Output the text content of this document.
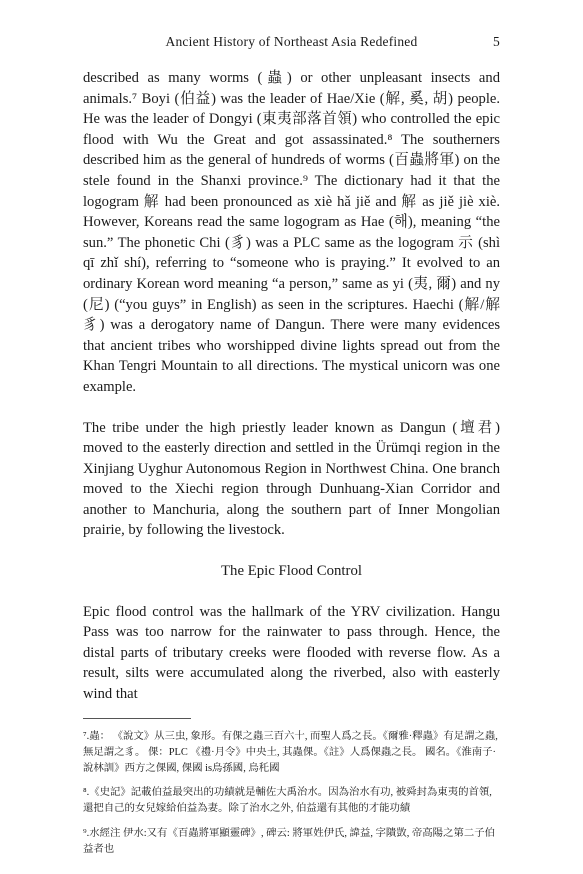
Ancient History of Northeast Asia Redefined	5

described as many worms (蟲) or other unpleasant insects and animals.⁷ Boyi (伯益) was the leader of Hae/Xie (解, 奚, 胡) people. He was the leader of Dongyi (東夷部落首領) who controlled the epic flood with Wu the Great and got assassinated.⁸ The southerners described him as the general of hundreds of worms (百蟲將軍) on the stele found in the Shanxi province.⁹ The dictionary had it that the logogram 解 had been pronounced as xiè hǎ jiě and 解 as jiě jiè xiè. However, Koreans read the same logogram as Hae (해), meaning “the sun.” The phonetic Chi (豸) was a PLC same as the logogram 示 (shì qī zhǐ shí), referring to “someone who is praying.” It evolved to an ordinary Korean word meaning “a person,” same as yi (夷, 爾) and ny (尼) (“you guys” in English) as seen in the scriptures. Haechi (解/解豸) was a derogatory name of Dangun. There were many evidences that ancient tribes who worshipped divine lights spread out from the Khan Tengri Mountain to all directions. The mystical unicorn was one example.

The tribe under the high priestly leader known as Dangun (壇君) moved to the easterly direction and settled in the Ürümqi region in the Xinjiang Uyghur Autonomous Region in Northwest China. One branch moved to the Xiechi region through Dunhuang-Xian Corridor and another to Manchuria, along the southern part of Inner Mongolian prairie, by following the livestock.

The Epic Flood Control

Epic flood control was the hallmark of the YRV civilization. Hangu Pass was too narrow for the rainwater to pass through. Hence, the distal parts of tributary creeks were flooded with reverse flow. As a result, silts were accumulated along the riverbed, also with easterly wind that

⁷.蟲： 《說文》从三虫, 象形。有倮之蟲三百六十, 而聖人爲之長。《爾雅·釋蟲》有足謂之蟲, 無足謂之豸。 倮：PLC 《禮·月令》中央土, 其蟲倮。《註》人爲倮蟲之長。 國名。《淮南子·說林訓》西方之倮國, 倮國 is烏孫國, 烏秅國

⁸.《史記》記載伯益最突出的功績就是輔佐大禹治水。因為治水有功, 被舜封為東夷的首領, 還把自己的女兒嫁給伯益為妻。除了治水之外, 伯益還有其他的才能功績

⁹.水經注 伊水:又有《百蟲將軍顯靈碑》, 碑云: 將軍姓伊氏, 諱益, 字隤敳, 帝高陽之第二子伯益者也
